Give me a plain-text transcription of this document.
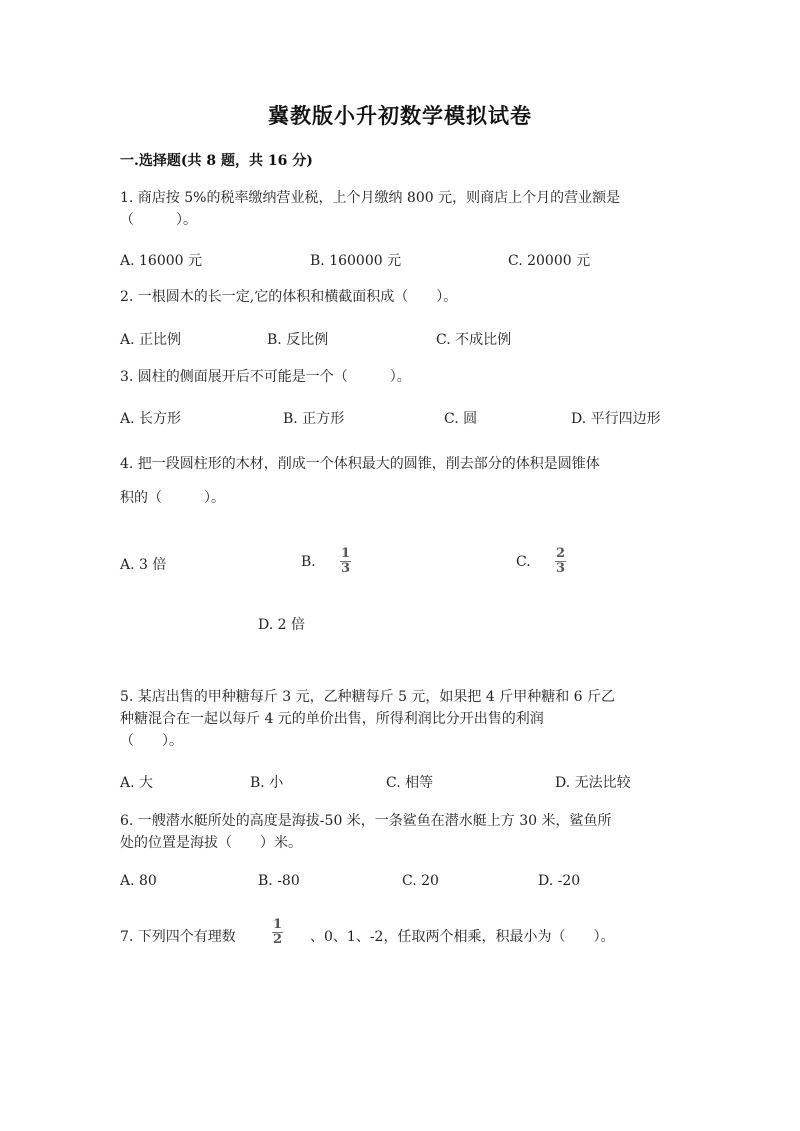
冀教版小升初数学模拟试卷
一.选择题(共 8 题，共 16 分)
1. 商店按 5%的税率缴纳营业税，上个月缴纳 800 元，则商店上个月的营业额是
（　　　）。
A. 16000 元	B. 160000 元	C. 20000 元
2. 一根圆木的长一定,它的体积和横截面积成（　　）。
A. 正比例	B. 反比例	C. 不成比例
3. 圆柱的侧面展开后不可能是一个（　　　）。
A. 长方形	B. 正方形	C. 圆	D. 平行四边形
4. 把一段圆柱形的木材，削成一个体积最大的圆锥，削去部分的体积是圆锥体
积的（　　　）。
A. 3 倍	B. $\frac{1}{3}$	C. $\frac{2}{3}$
D. 2 倍
5. 某店出售的甲种糖每斤 3 元，乙种糖每斤 5 元，如果把 4 斤甲种糖和 6 斤乙
种糖混合在一起以每斤 4 元的单价出售，所得利润比分开出售的利润
（　　）。
A. 大	B. 小	C. 相等	D. 无法比较
6. 一艘潜水艇所处的高度是海拔-50 米，一条鲨鱼在潜水艇上方 30 米，鲨鱼所
处的位置是海拔（　　）米。
A. 80	B. -80	C. 20	D. -20
7. 下列四个有理数	$\frac{1}{2}$ 、0、1、-2，任取两个相乘，积最小为（　　）。
